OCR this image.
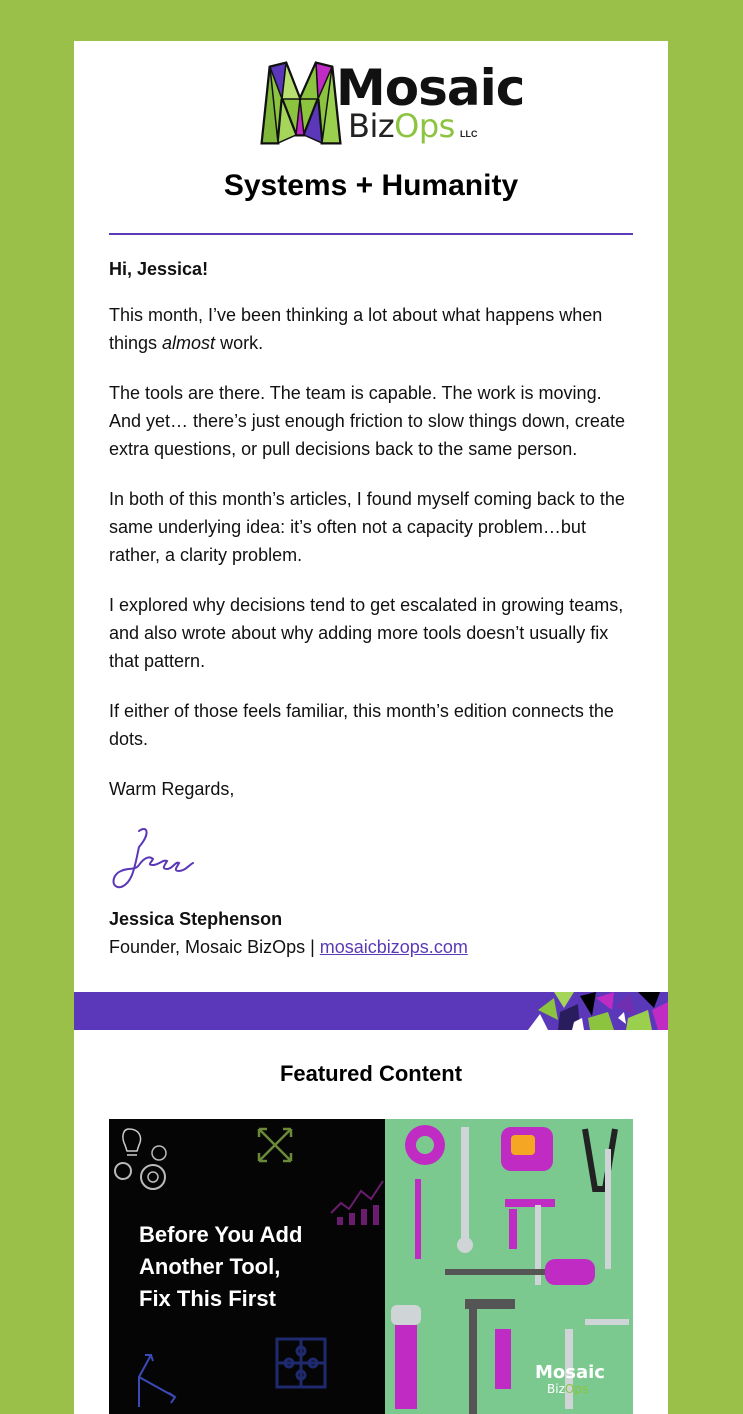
Mosaic
BizOps LLC
Systems + Humanity

Hi, Jessica!

This month, I’ve been thinking a lot about what happens when things almost work.

The tools are there. The team is capable. The work is moving. And yet… there’s just enough friction to slow things down, create extra questions, or pull decisions back to the same person.

In both of this month’s articles, I found myself coming back to the same underlying idea: it’s often not a capacity problem…but rather, a clarity problem.

I explored why decisions tend to get escalated in growing teams, and also wrote about why adding more tools doesn’t usually fix that pattern.

If either of those feels familiar, this month’s edition connects the dots.

Warm Regards,

Jessica Stephenson
Founder, Mosaic BizOps | mosaicbizops.com
Featured Content
Before You Add
Another Tool,
Fix This First
Mosaic
BizOps
